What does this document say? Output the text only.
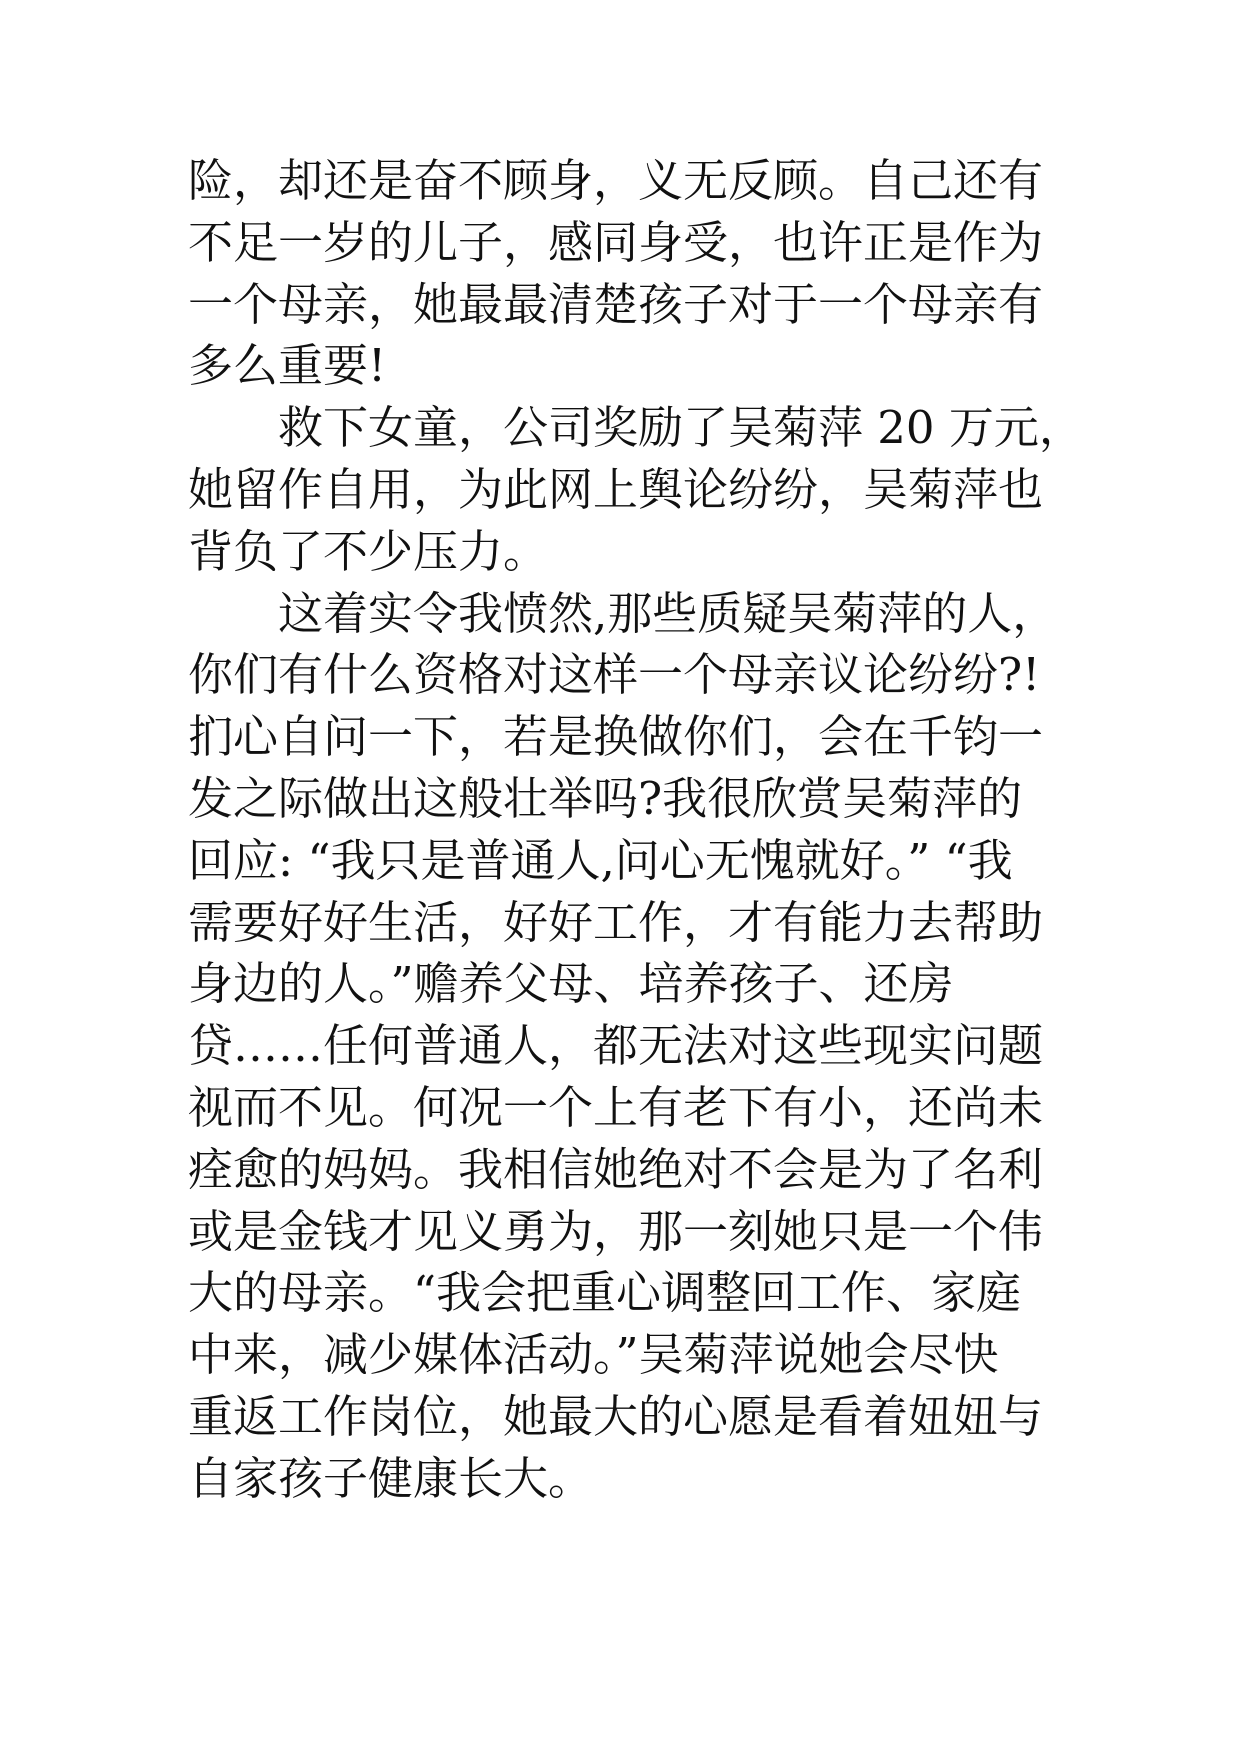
险，却还是奋不顾身，义无反顾。自己还有
不足一岁的儿子，感同身受，也许正是作为
一个母亲，她最最清楚孩子对于一个母亲有
多么重要!
救下女童，公司奖励了吴菊萍 20 万元，
她留作自用，为此网上舆论纷纷，吴菊萍也
背负了不少压力。
这着实令我愤然,那些质疑吴菊萍的人，
你们有什么资格对这样一个母亲议论纷纷?!
扪心自问一下，若是换做你们，会在千钧一
发之际做出这般壮举吗?我很欣赏吴菊萍的
回应: “我只是普通人,问心无愧就好。” “我
需要好好生活，好好工作，才有能力去帮助
身边的人。”赡养父母、培养孩子、还房
贷……任何普通人，都无法对这些现实问题
视而不见。何况一个上有老下有小，还尚未
痊愈的妈妈。我相信她绝对不会是为了名利
或是金钱才见义勇为，那一刻她只是一个伟
大的母亲。“我会把重心调整回工作、家庭
中来，减少媒体活动。”吴菊萍说她会尽快
重返工作岗位，她最大的心愿是看着妞妞与
自家孩子健康长大。
